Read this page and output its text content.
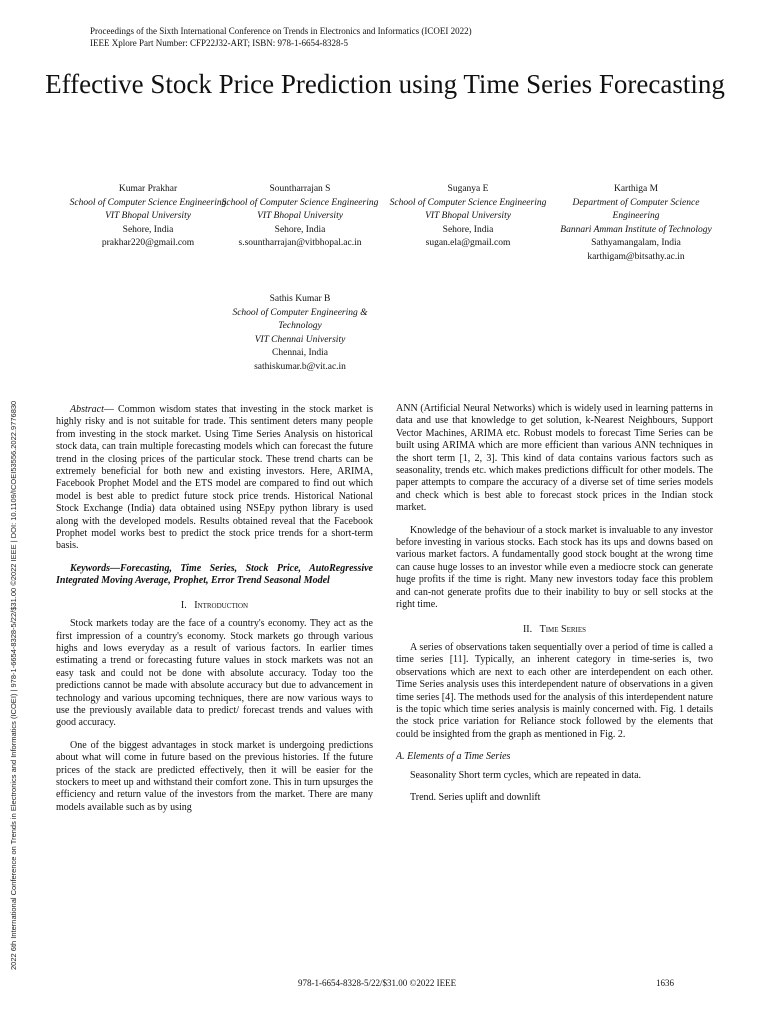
Proceedings of the Sixth International Conference on Trends in Electronics and Informatics (ICOEI 2022)
IEEE Xplore Part Number: CFP22J32-ART; ISBN: 978-1-6654-8328-5
Effective Stock Price Prediction using Time Series Forecasting
Kumar Prakhar
School of Computer Science Engineering
VIT Bhopal University
Sehore, India
prakhar220@gmail.com
Sountharrajan S
School of Computer Science Engineering
VIT Bhopal University
Sehore, India
s.sountharrajan@vitbhopal.ac.in
Suganya E
School of Computer Science Engineering
VIT Bhopal University
Sehore, India
sugan.ela@gmail.com
Karthiga M
Department of Computer Science Engineering
Bannari Amman Institute of Technology
Sathyamangalam, India
karthigam@bitsathy.ac.in
Sathis Kumar B
School of Computer Engineering & Technology
VIT Chennai University
Chennai, India
sathiskumar.b@vit.ac.in
2022 6th International Conference on Trends in Electronics and Informatics (ICOEI) | 978-1-6654-8328-5/22/$31.00 ©2022 IEEE | DOI: 10.1109/ICOEI53556.2022.9776830	Abstract— Common wisdom states that investing in the stock market is highly risky and is not suitable for trade. This sentiment deters many people from investing in the stock market. Using Time Series Analysis on historical stock data, can train multiple forecasting models which can forecast the future trend in the closing prices of the particular stock. These trend charts can be extremely beneficial for both new and existing investors. Here, ARIMA, Facebook Prophet Model and the ETS model are compared to find out which model is best able to predict future stock price trends. Historical National Stock Exchange (India) data obtained using NSEpy python library is used along with the developed models. Results obtained reveal that the Facebook Prophet model works best to predict the stock price trends for a short-term basis.

Keywords—Forecasting, Time Series, Stock Price, AutoRegressive Integrated Moving Average, Prophet, Error Trend Seasonal Model

I. Introduction

Stock markets today are the face of a country's economy. They act as the first impression of a country's economy. Stock markets go through various highs and lows everyday as a result of various factors. In earlier times estimating a trend or forecasting future values in stock markets was not an easy task and could not be done with absolute accuracy. Today too the predictions cannot be made with absolute accuracy but due to advancement in technology and various upcoming techniques, there are now various ways to use the previously available data to predict/ forecast trends and values with good accuracy.

One of the biggest advantages in stock market is undergoing predictions about what will come in future based on the previous histories. If the future prices of the stack are predicted effectively, then it will be easier for the stockers to meet up and withstand their comfort zone. This in turn upsurges the efficiency and return value of the investors from the market. There are many models available such as by using

ANN (Artificial Neural Networks) which is widely used in learning patterns in data and use that knowledge to get solution, k-Nearest Neighbours, Support Vector Machines, ARIMA etc. Robust models to forecast Time Series can be built using ARIMA which are more efficient than various ANN techniques in the short term [1, 2, 3]. This kind of data contains various factors such as seasonality, trends etc. which makes predictions difficult for other models. The paper attempts to compare the accuracy of a diverse set of time series models and check which is best able to forecast stock prices in the Indian stock market.

Knowledge of the behaviour of a stock market is invaluable to any investor before investing in various stocks. Each stock has its ups and downs based on various market factors. A fundamentally good stock bought at the wrong time can cause huge losses to an investor while even a mediocre stock can generate huge profits if the time is right. Many new investors today face this problem and can-not generate profits due to their inability to buy or sell stocks at the right time.

II. Time Series

A series of observations taken sequentially over a period of time is called a time series [11]. Typically, an inherent category in time-series is, two observations which are next to each other are interdependent on each other. Time Series analysis uses this interdependent nature of observations in a given time series [4]. The methods used for the analysis of this interdependent nature is the topic which time series analysis is mainly concerned with. Fig. 1 details the stock price variation for Reliance stock followed by the elements that could be insighted from the graph as mentioned in Fig. 2.

A. Elements of a Time Series

Seasonality Short term cycles, which are repeated in data.

Trend. Series uplift and downlift

978-1-6654-8328-5/22/$31.00 ©2022 IEEE	1636
